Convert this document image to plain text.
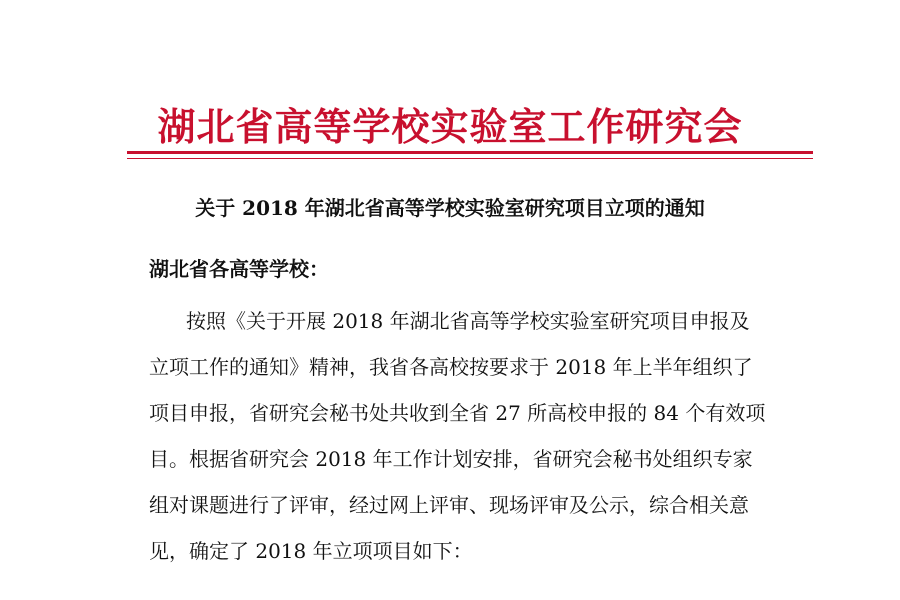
湖北省高等学校实验室工作研究会
关于 2018 年湖北省高等学校实验室研究项目立项的通知
湖北省各高等学校：
按照《关于开展 2018 年湖北省高等学校实验室研究项目申报及
立项工作的通知》精神，我省各高校按要求于 2018 年上半年组织了
项目申报，省研究会秘书处共收到全省 27 所高校申报的 84 个有效项
目。根据省研究会 2018 年工作计划安排，省研究会秘书处组织专家
组对课题进行了评审，经过网上评审、现场评审及公示，综合相关意
见，确定了 2018 年立项项目如下：
